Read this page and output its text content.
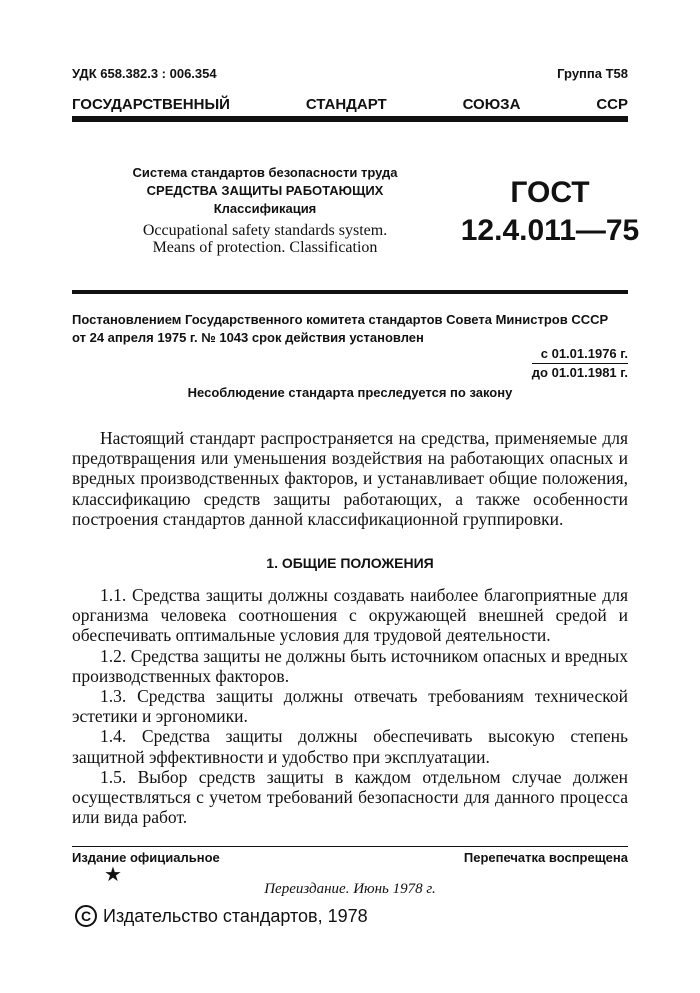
УДК 658.382.3 : 006.354	Группа Т58
ГОСУДАРСТВЕННЫЙ	СТАНДАРТ	СОЮЗА	ССР
Система стандартов безопасности труда
СРЕДСТВА ЗАЩИТЫ РАБОТАЮЩИХ
Классификация
Occupational safety standards system.
Means of protection. Classification
ГОСТ
12.4.011—75
Постановлением Государственного комитета стандартов Совета Министров СССР
от 24 апреля 1975 г. № 1043 срок действия установлен
с 01.01.1976 г.
до 01.01.1981 г.
Несоблюдение стандарта преследуется по закону

Настоящий стандарт распространяется на средства, применяемые для предотвращения или уменьшения воздействия на работающих опасных и вредных производственных факторов, и устанавливает общие положения, классификацию средств защиты работающих, а также особенности построения стандартов данной классификационной группировки.

1. ОБЩИЕ ПОЛОЖЕНИЯ

1.1. Средства защиты должны создавать наиболее благоприятные для организма человека соотношения с окружающей внешней средой и обеспечивать оптимальные условия для трудовой деятельности.

1.2. Средства защиты не должны быть источником опасных и вредных производственных факторов.

1.3. Средства защиты должны отвечать требованиям технической эстетики и эргономики.

1.4. Средства защиты должны обеспечивать высокую степень защитной эффективности и удобство при эксплуатации.

1.5. Выбор средств защиты в каждом отдельном случае должен осуществляться с учетом требований безопасности для данного процесса или вида работ.

Издание официальное	Перепечатка воспрещена
★
Переиздание. Июнь 1978 г.
C Издательство стандартов, 1978
